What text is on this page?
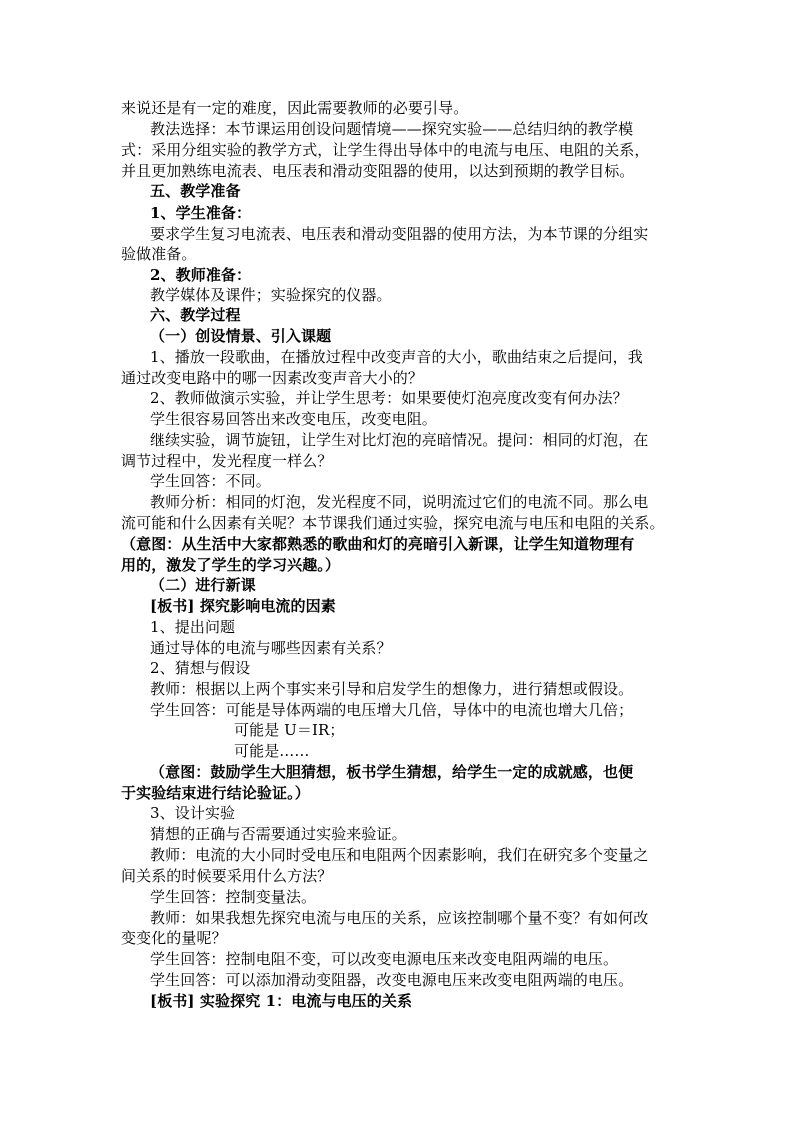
来说还是有一定的难度，因此需要教师的必要引导。
教法选择：本节课运用创设问题情境——探究实验——总结归纳的教学模
式：采用分组实验的教学方式，让学生得出导体中的电流与电压、电阻的关系，
并且更加熟练电流表、电压表和滑动变阻器的使用，以达到预期的教学目标。
五、教学准备
1、学生准备：
要求学生复习电流表、电压表和滑动变阻器的使用方法，为本节课的分组实
验做准备。
2、教师准备：
教学媒体及课件；实验探究的仪器。
六、教学过程
（一）创设情景、引入课题
1、播放一段歌曲，在播放过程中改变声音的大小，歌曲结束之后提问，我
通过改变电路中的哪一因素改变声音大小的？
2、教师做演示实验，并让学生思考：如果要使灯泡亮度改变有何办法？
学生很容易回答出来改变电压，改变电阻。
继续实验，调节旋钮，让学生对比灯泡的亮暗情况。提问：相同的灯泡，在
调节过程中，发光程度一样么？
学生回答：不同。
教师分析：相同的灯泡，发光程度不同，说明流过它们的电流不同。那么电
流可能和什么因素有关呢？本节课我们通过实验，探究电流与电压和电阻的关系。
（意图：从生活中大家都熟悉的歌曲和灯的亮暗引入新课，让学生知道物理有
用的，激发了学生的学习兴趣。）
（二）进行新课
[板书] 探究影响电流的因素
1、提出问题
通过导体的电流与哪些因素有关系？
2、猜想与假设
教师：根据以上两个事实来引导和启发学生的想像力，进行猜想或假设。
学生回答：可能是导体两端的电压增大几倍，导体中的电流也增大几倍；
可能是 U＝IR；
可能是……
（意图：鼓励学生大胆猜想，板书学生猜想，给学生一定的成就感，也便
于实验结束进行结论验证。）
3、设计实验
猜想的正确与否需要通过实验来验证。
教师：电流的大小同时受电压和电阻两个因素影响，我们在研究多个变量之
间关系的时候要采用什么方法？
学生回答：控制变量法。
教师：如果我想先探究电流与电压的关系，应该控制哪个量不变？有如何改
变变化的量呢？
学生回答：控制电阻不变，可以改变电源电压来改变电阻两端的电压。
学生回答：可以添加滑动变阻器，改变电源电压来改变电阻两端的电压。
[板书] 实验探究 1：电流与电压的关系
